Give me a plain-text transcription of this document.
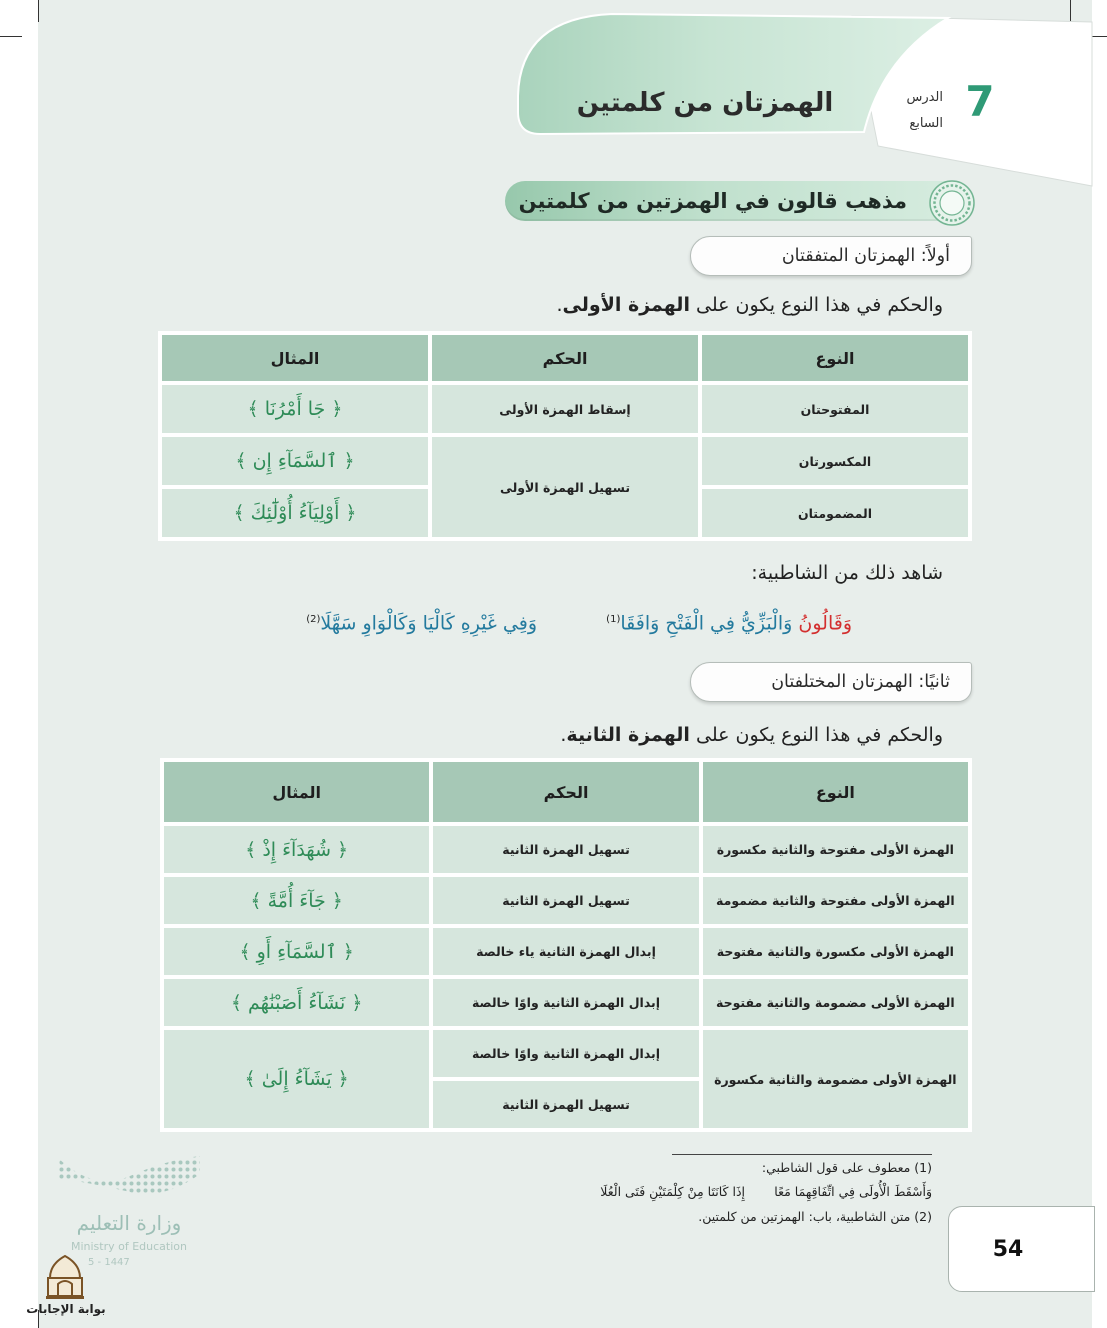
الهمزتان من كلمتين	7
الدرس
السابع
مذهب قالون في الهمزتين من كلمتين
أولاً: الهمزتان المتفقتان
والحكم في هذا النوع يكون على الهمزة الأولى.
النوع	الحكم	المثال
المفتوحتان	إسقاط الهمزة الأولى	﴿ جَا أَمْرُنَا ﴾
المكسورتان	تسهيل الهمزة الأولى	﴿ ٱلسَّمَآءِ إِن ﴾
المضمومتان		﴿ أَوْلِيَآءُ أُوْلَٰٓئِكَ ﴾
شاهد ذلك من الشاطبية:
وَقَالُونُ وَالْبَزِّيُّ فِي الْفَتْحِ وَافَقَا$^{(1)}$
وَفِي غَيْرِهِ كَالْيَا وَكَالْوَاوِ سَهَّلَا$^{(2)}$
ثانيًا: الهمزتان المختلفتان
والحكم في هذا النوع يكون على الهمزة الثانية.
النوع	الحكم	المثال
الهمزة الأولى مفتوحة والثانية مكسورة	تسهيل الهمزة الثانية	﴿ شُهَدَآءَ إِذْ ﴾
الهمزة الأولى مفتوحة والثانية مضمومة	تسهيل الهمزة الثانية	﴿ جَآءَ أُمَّةً ﴾
الهمزة الأولى مكسورة والثانية مفتوحة	إبدال الهمزة الثانية ياء خالصة	﴿ ٱلسَّمَآءِ أَوِ ﴾
الهمزة الأولى مضمومة والثانية مفتوحة	إبدال الهمزة الثانية واوًا خالصة	﴿ نَشَآءُ أَصَبْنَٰهُم ﴾
الهمزة الأولى مضمومة والثانية مكسورة	إبدال الهمزة الثانية واوًا خالصة	﴿ يَشَآءُ إِلَىٰ ﴾
	تسهيل الهمزة الثانية	
(1) معطوف على قول الشاطبي:
وَأَسْقَطَ الْأُولَى فِي اتِّفَاقِهِمَا مَعًا
إِذَا كَانَتَا مِنْ كِلْمَتَيْنِ فَتَى الْعُلَا
(2) متن الشاطبية، باب: الهمزتين من كلمتين.
54
وزارة التعليم
Ministry of Education
5 - 1447
بوابة الإجابات
